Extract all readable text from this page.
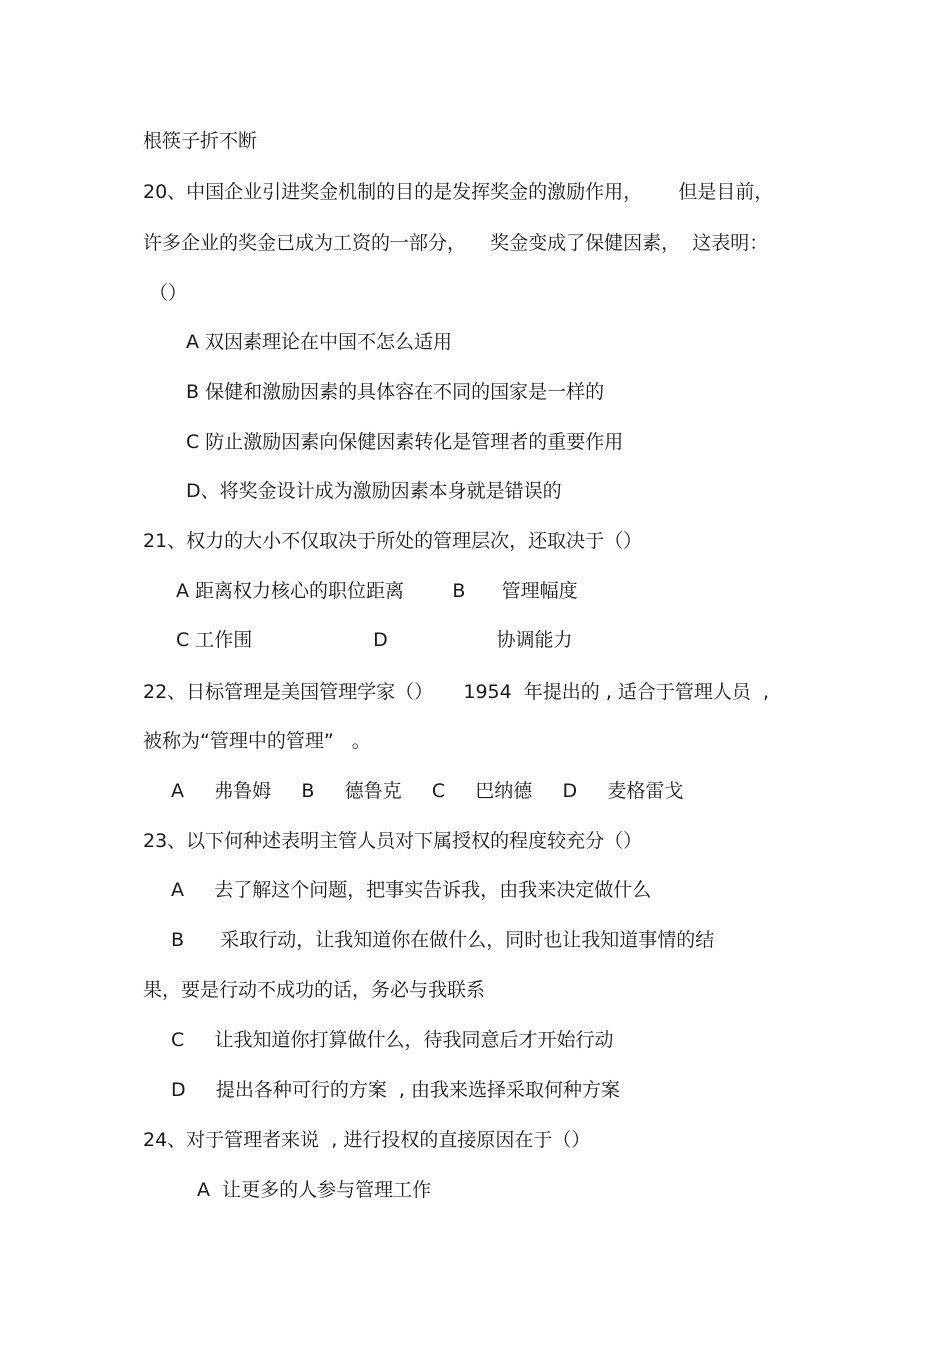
根筷子折不断
20、中国企业引进奖金机制的目的是发挥奖金的激励作用，      但是目前，
许多企业的奖金已成为工资的一部分，    奖金变成了保健因素，  这表明：
（）
A 双因素理论在中国不怎么适用
B 保健和激励因素的具体容在不同的国家是一样的
C 防止激励因素向保健因素转化是管理者的重要作用
D、将奖金设计成为激励因素本身就是错误的
21、权力的大小不仅取决于所处的管理层次，还取决于（）
A 距离权力核心的职位距离        B      管理幅度
C 工作围                    D                  协调能力
22、日标管理是美国管理学家（）     1954  年提出的 , 适合于管理人员  ,
被称为“管理中的管理”   。
A     弗鲁姆     B     德鲁克     C     巴纳德     D     麦格雷戈
23、以下何种述表明主管人员对下属授权的程度较充分（）
A     去了解这个问题，把事实告诉我，由我来决定做什么
B      采取行动，让我知道你在做什么，同时也让我知道事情的结
果，要是行动不成功的话，务必与我联系
C     让我知道你打算做什么，待我同意后才开始行动
D     提出各种可行的方案  , 由我来选择采取何种方案
24、对于管理者来说  , 进行投权的直接原因在于（）
A  让更多的人参与管理工作
